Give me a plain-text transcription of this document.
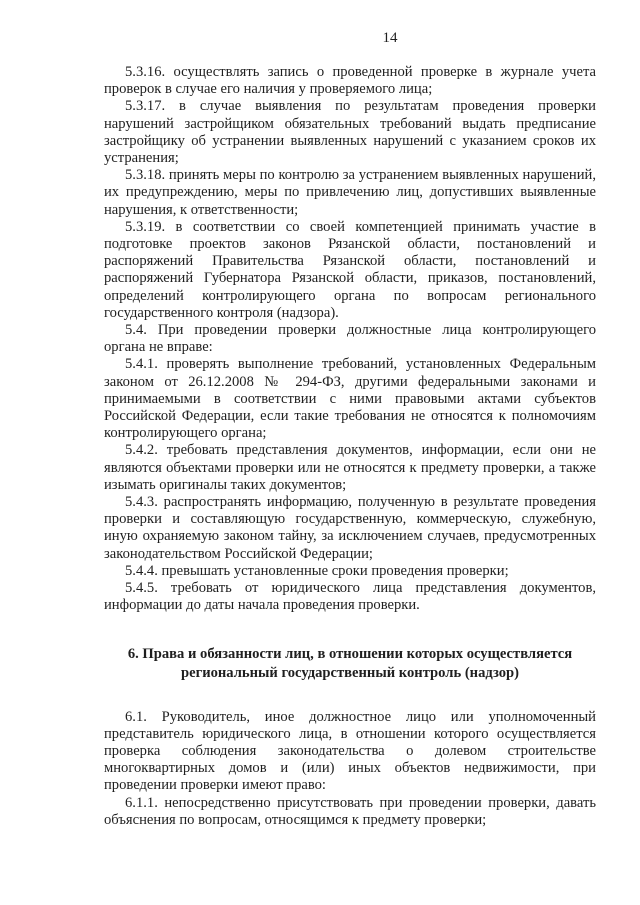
14

5.3.16. осуществлять запись о проведенной проверке в журнале учета проверок в случае его наличия у проверяемого лица;

5.3.17. в случае выявления по результатам проведения проверки нарушений застройщиком обязательных требований выдать предписание застройщику об устранении выявленных нарушений с указанием сроков их устранения;

5.3.18. принять меры по контролю за устранением выявленных нарушений, их предупреждению, меры по привлечению лиц, допустивших выявленные нарушения, к ответственности;

5.3.19. в соответствии со своей компетенцией принимать участие в подготовке проектов законов Рязанской области, постановлений и распоряжений Правительства Рязанской области, постановлений и распоряжений Губернатора Рязанской области, приказов, постановлений, определений контролирующего органа по вопросам регионального государственного контроля (надзора).

5.4. При проведении проверки должностные лица контролирующего органа не вправе:

5.4.1. проверять выполнение требований, установленных Федеральным законом от 26.12.2008 № 294-ФЗ, другими федеральными законами и принимаемыми в соответствии с ними правовыми актами субъектов Российской Федерации, если такие требования не относятся к полномочиям контролирующего органа;

5.4.2. требовать представления документов, информации, если они не являются объектами проверки или не относятся к предмету проверки, а также изымать оригиналы таких документов;

5.4.3. распространять информацию, полученную в результате проведения проверки и составляющую государственную, коммерческую, служебную, иную охраняемую законом тайну, за исключением случаев, предусмотренных законодательством Российской Федерации;

5.4.4. превышать установленные сроки проведения проверки;

5.4.5. требовать от юридического лица представления документов, информации до даты начала проведения проверки.

6. Права и обязанности лиц, в отношении которых осуществляется региональный государственный контроль (надзор)

6.1. Руководитель, иное должностное лицо или уполномоченный представитель юридического лица, в отношении которого осуществляется проверка соблюдения законодательства о долевом строительстве многоквартирных домов и (или) иных объектов недвижимости, при проведении проверки имеют право:

6.1.1. непосредственно присутствовать при проведении проверки, давать объяснения по вопросам, относящимся к предмету проверки;
